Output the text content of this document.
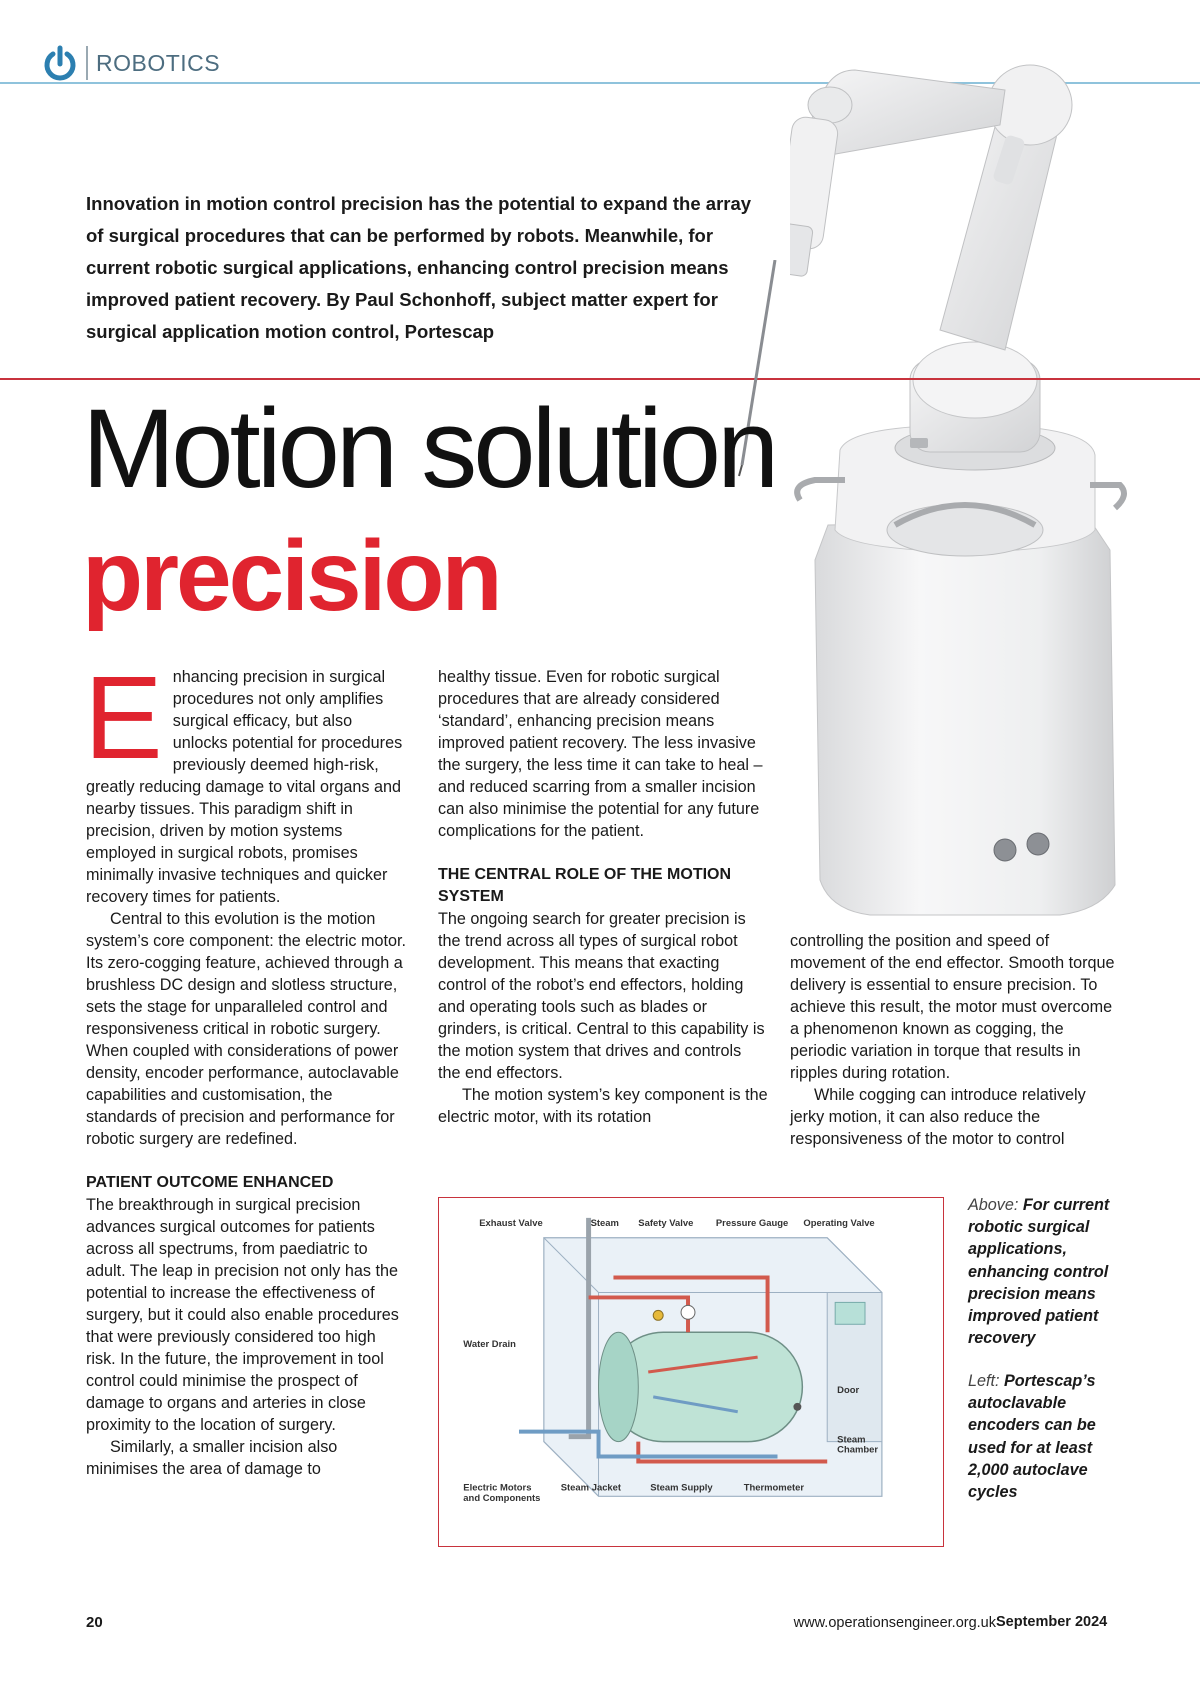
ROBOTICS
Innovation in motion control precision has the potential to expand the array of surgical procedures that can be performed by robots. Meanwhile, for current robotic surgical applications, enhancing control precision means improved patient recovery. By Paul Schonhoff, subject matter expert for surgical application motion control, Portescap
Motion solution
precision
E nhancing precision in surgical procedures not only amplifies surgical efficacy, but also unlocks potential for procedures previously deemed high-risk, greatly reducing damage to vital organs and nearby tissues. This paradigm shift in precision, driven by motion systems employed in surgical robots, promises minimally invasive techniques and quicker recovery times for patients.

Central to this evolution is the motion system’s core component: the electric motor. Its zero-cogging feature, achieved through a brushless DC design and slotless structure, sets the stage for unparalleled control and responsiveness critical in robotic surgery. When coupled with considerations of power density, encoder performance, autoclavable capabilities and customisation, the standards of precision and performance for robotic surgery are redefined.

PATIENT OUTCOME ENHANCED

The breakthrough in surgical precision advances surgical outcomes for patients across all spectrums, from paediatric to adult. The leap in precision not only has the potential to increase the effectiveness of surgery, but it could also enable procedures that were previously considered too high risk. In the future, the improvement in tool control could minimise the prospect of damage to organs and arteries in close proximity to the location of surgery.

Similarly, a smaller incision also minimises the area of damage to

healthy tissue. Even for robotic surgical procedures that are already considered ‘standard’, enhancing precision means improved patient recovery. The less invasive the surgery, the less time it can take to heal – and reduced scarring from a smaller incision can also minimise the potential for any future complications for the patient.

THE CENTRAL ROLE OF THE MOTION SYSTEM

The ongoing search for greater precision is the trend across all types of surgical robot development. This means that exacting control of the robot’s end effectors, holding and operating tools such as blades or grinders, is critical. Central to this capability is the motion system that drives and controls the end effectors.

The motion system’s key component is the electric motor, with its rotation

controlling the position and speed of movement of the end effector. Smooth torque delivery is essential to ensure precision. To achieve this result, the motor must overcome a phenomenon known as cogging, the periodic variation in torque that results in ripples during rotation.

While cogging can introduce relatively jerky motion, it can also reduce the responsiveness of the motor to control

Exhaust Valve	Steam Safety Valve Pressure Gauge Operating Valve
Water Drain
Door
Steam
Chamber
Electric Motors
and Components
Steam Jacket	Steam Supply	Thermometer
Above: For current robotic surgical applications, enhancing control precision means improved patient recovery
Left: Portescap’s autoclavable encoders can be used for at least 2,000 autoclave cycles
20	www.operationsengineer.org.uk September 2024
